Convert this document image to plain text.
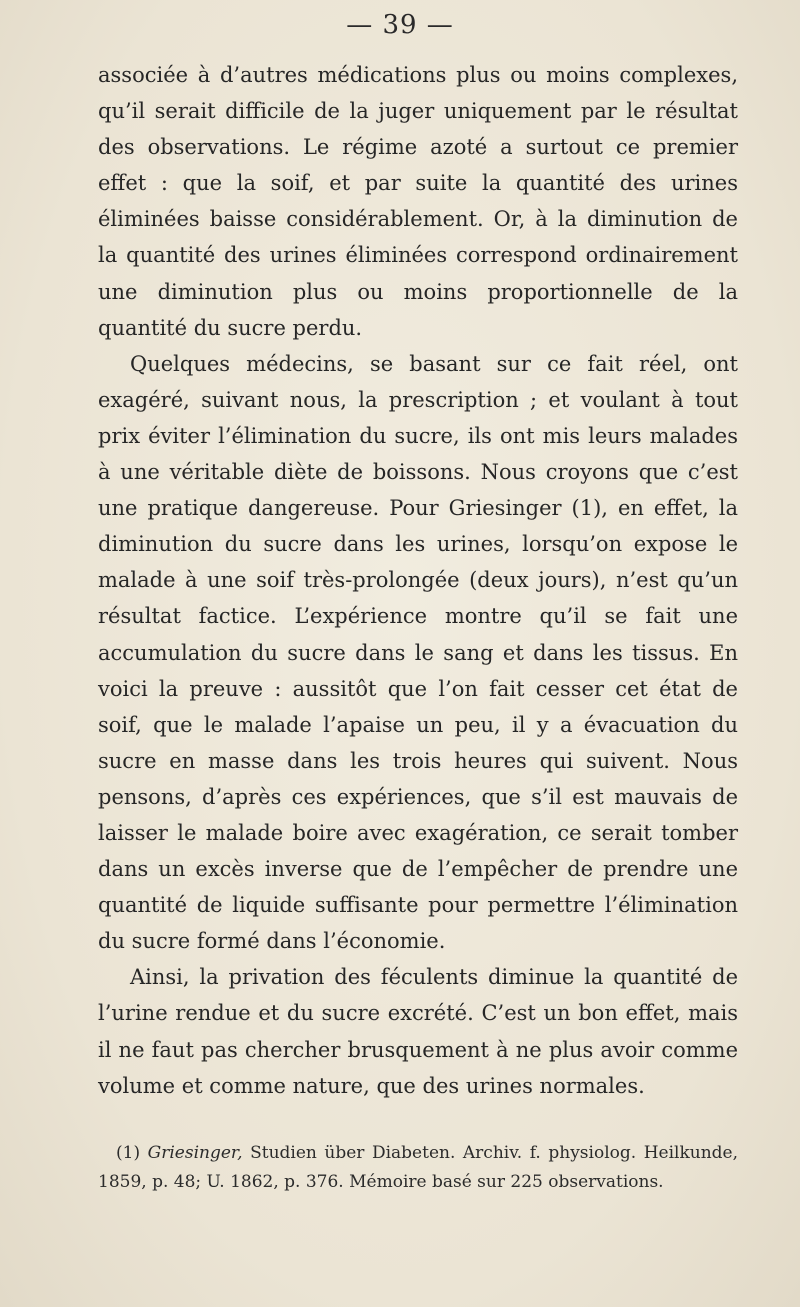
— 39 —

associée à d’autres médications plus ou moins complexes, qu’il serait difficile de la juger uniquement par le résultat des observations. Le régime azoté a surtout ce premier effet : que la soif, et par suite la quantité des urines éliminées baisse considérablement. Or, à la diminution de la quantité des urines éliminées correspond ordinairement une diminution plus ou moins proportionnelle de la quantité du sucre perdu.

Quelques médecins, se basant sur ce fait réel, ont exagéré, suivant nous, la prescription ; et voulant à tout prix éviter l’élimination du sucre, ils ont mis leurs malades à une véritable diète de boissons. Nous croyons que c’est une pratique dangereuse. Pour Griesinger (1), en effet, la diminution du sucre dans les urines, lorsqu’on expose le malade à une soif très-prolongée (deux jours), n’est qu’un résultat factice. L’expérience montre qu’il se fait une accumulation du sucre dans le sang et dans les tissus. En voici la preuve : aussitôt que l’on fait cesser cet état de soif, que le malade l’apaise un peu, il y a évacuation du sucre en masse dans les trois heures qui suivent. Nous pensons, d’après ces expériences, que s’il est mauvais de laisser le malade boire avec exagération, ce serait tomber dans un excès inverse que de l’empêcher de prendre une quantité de liquide suffisante pour permettre l’élimination du sucre formé dans l’économie.

Ainsi, la privation des féculents diminue la quantité de l’urine rendue et du sucre excrété. C’est un bon effet, mais il ne faut pas chercher brusquement à ne plus avoir comme volume et comme nature, que des urines normales.

(1) Griesinger, Studien über Diabeten. Archiv. f. physiolog. Heilkunde, 1859, p. 48; U. 1862, p. 376. Mémoire basé sur 225 observations.
